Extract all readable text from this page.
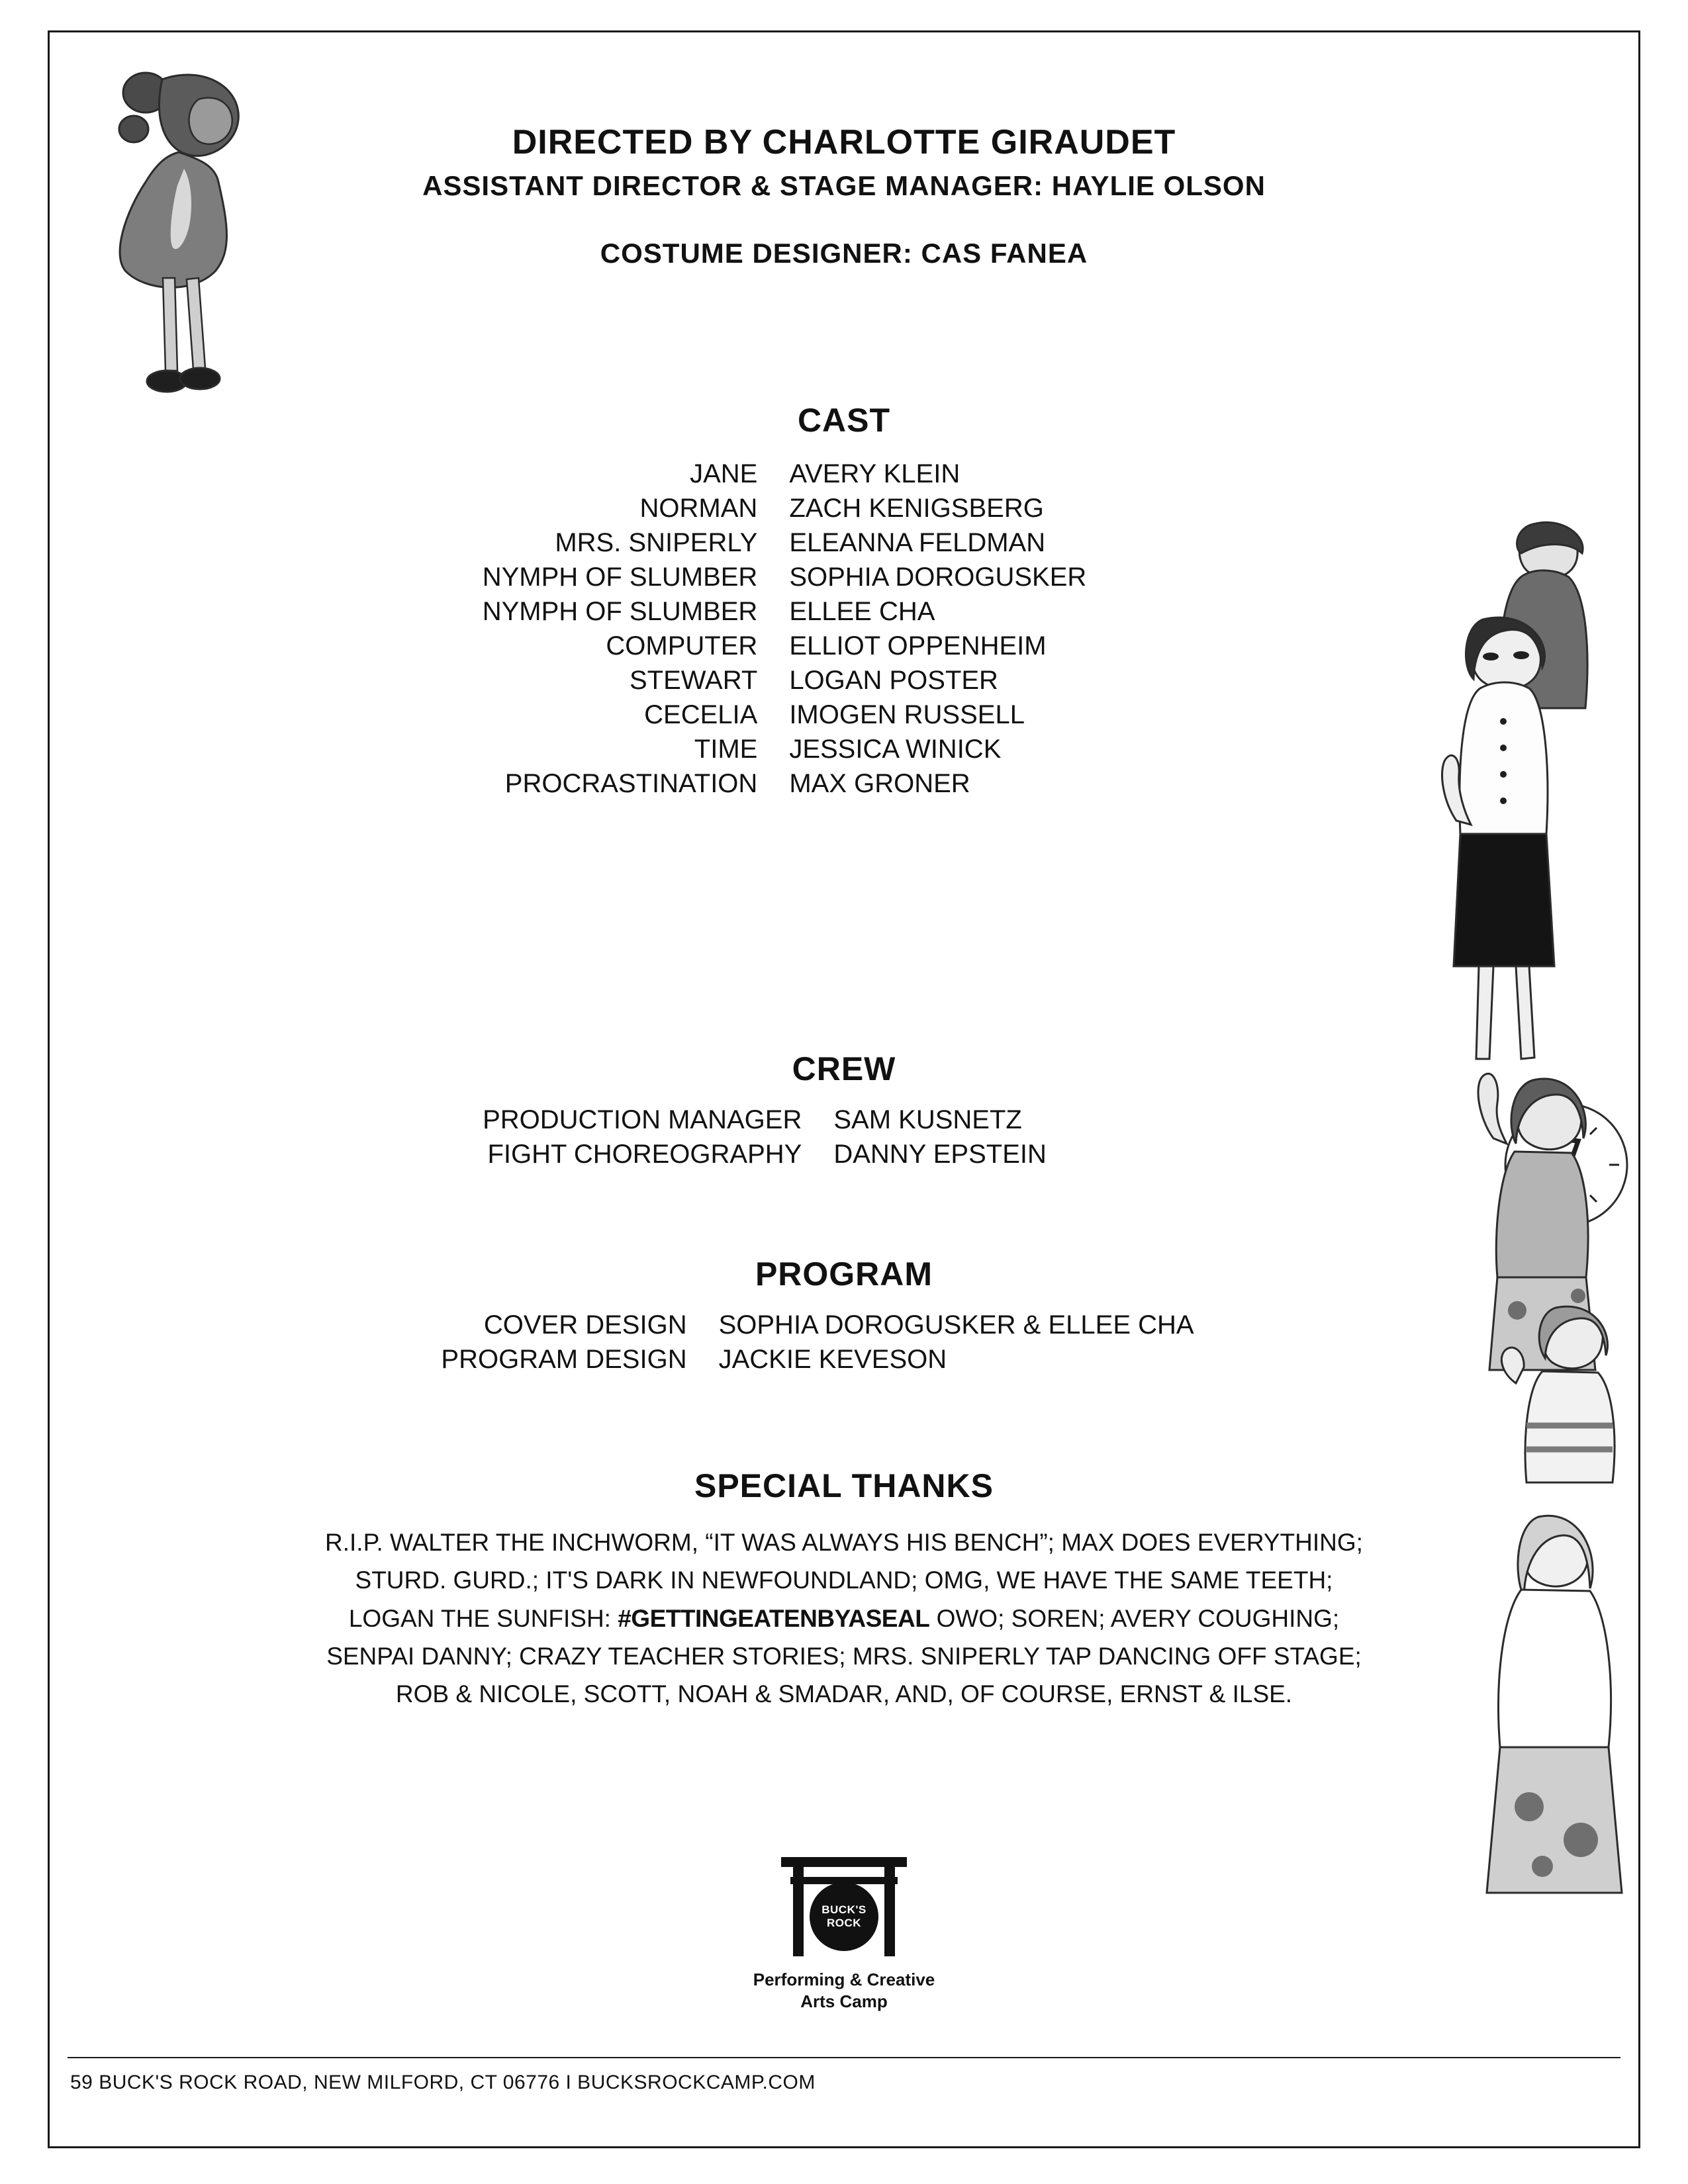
DIRECTED BY CHARLOTTE GIRAUDET
ASSISTANT DIRECTOR & STAGE MANAGER: HAYLIE OLSON
COSTUME DESIGNER: CAS FANEA
CAST
JANE	AVERY KLEIN
NORMAN	ZACH KENIGSBERG
MRS. SNIPERLY	ELEANNA FELDMAN
NYMPH OF SLUMBER	SOPHIA DOROGUSKER
NYMPH OF SLUMBER	ELLEE CHA
COMPUTER	ELLIOT OPPENHEIM
STEWART	LOGAN POSTER
CECELIA	IMOGEN RUSSELL
TIME	JESSICA WINICK
PROCRASTINATION	MAX GRONER
CREW
PRODUCTION MANAGER	SAM KUSNETZ
FIGHT CHOREOGRAPHY	DANNY EPSTEIN
PROGRAM
COVER DESIGN	SOPHIA DOROGUSKER & ELLEE CHA
PROGRAM DESIGN	JACKIE KEVESON
SPECIAL THANKS
R.I.P. WALTER THE INCHWORM, “IT WAS ALWAYS HIS BENCH”; MAX DOES EVERYTHING;
STURD. GURD.; IT'S DARK IN NEWFOUNDLAND; OMG, WE HAVE THE SAME TEETH;
LOGAN THE SUNFISH: #GETTINGEATENBYASEAL OWO; SOREN; AVERY COUGHING;
SENPAI DANNY; CRAZY TEACHER STORIES; MRS. SNIPERLY TAP DANCING OFF STAGE;
ROB & NICOLE, SCOTT, NOAH & SMADAR, AND, OF COURSE, ERNST & ILSE.
BUCK'S
ROCK
Performing & Creative
Arts Camp
59 BUCK'S ROCK ROAD, NEW MILFORD, CT 06776 I BUCKSROCKCAMP.COM
